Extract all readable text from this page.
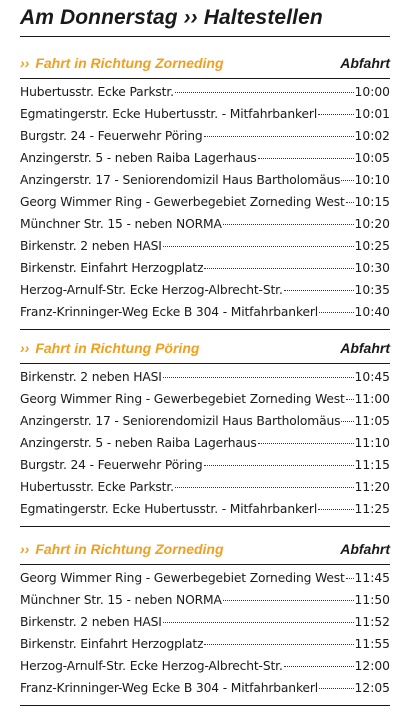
Am Donnerstag ›› Haltestellen
›› Fahrt in Richtung Zorneding	Abfahrt
Hubertusstr. Ecke Parkstr.	10:00
Egmatingerstr. Ecke Hubertusstr. - Mitfahrbankerl	10:01
Burgstr. 24 - Feuerwehr Pöring	10:02
Anzingerstr. 5 - neben Raiba Lagerhaus	10:05
Anzingerstr. 17 - Seniorendomizil Haus Bartholomäus 10:10
Georg Wimmer Ring - Gewerbegebiet Zorneding West 10:15
Münchner Str. 15 - neben NORMA	10:20
Birkenstr. 2 neben HASI	10:25
Birkenstr. Einfahrt Herzogplatz	10:30
Herzog-Arnulf-Str. Ecke Herzog-Albrecht-Str.	10:35
Franz-Krinninger-Weg Ecke B 304 - Mitfahrbankerl	10:40
›› Fahrt in Richtung Pöring	Abfahrt
Birkenstr. 2 neben HASI	10:45
Georg Wimmer Ring - Gewerbegebiet Zorneding West 11:00
Anzingerstr. 17 - Seniorendomizil Haus Bartholomäus 11:05
Anzingerstr. 5 - neben Raiba Lagerhaus	11:10
Burgstr. 24 - Feuerwehr Pöring	11:15
Hubertusstr. Ecke Parkstr.	11:20
Egmatingerstr. Ecke Hubertusstr. - Mitfahrbankerl	11:25
›› Fahrt in Richtung Zorneding	Abfahrt
Georg Wimmer Ring - Gewerbegebiet Zorneding West 11:45
Münchner Str. 15 - neben NORMA	11:50
Birkenstr. 2 neben HASI	11:52
Birkenstr. Einfahrt Herzogplatz	11:55
Herzog-Arnulf-Str. Ecke Herzog-Albrecht-Str.	12:00
Franz-Krinninger-Weg Ecke B 304 - Mitfahrbankerl	12:05
